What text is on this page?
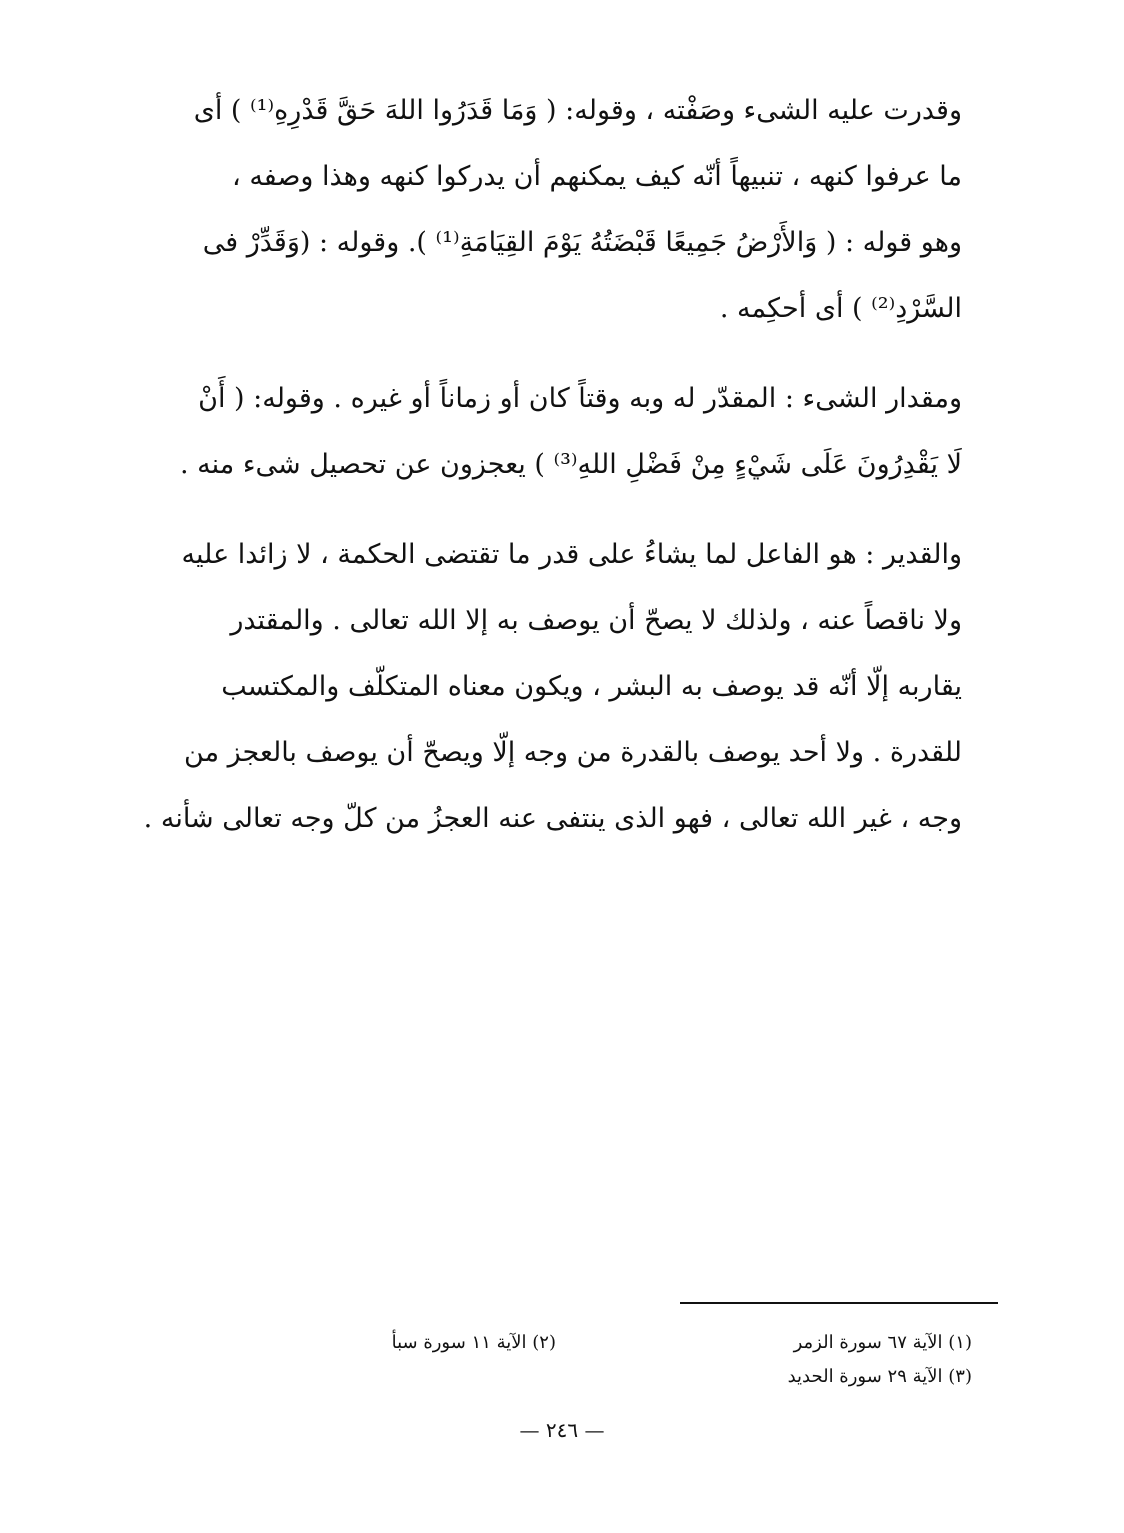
وقدرت عليه الشىء وصَفْته ، وقوله: ( وَمَا قَدَرُوا اللهَ حَقَّ قَدْرِهِ⁽¹⁾ ) أى
ما عرفوا كنهه ، تنبيهاً أنّه كيف يمكنهم أن يدركوا كنهه وهذا وصفه ،
وهو قوله : ( وَالأَرْضُ جَمِيعًا قَبْضَتُهُ يَوْمَ القِيَامَةِ⁽¹⁾ ). وقوله : (وَقَدِّرْ فى
السَّرْدِ⁽²⁾ ) أى أحكِمه .

ومقدار الشىء : المقدّر له وبه وقتاً كان أو زماناً أو غيره . وقوله: ( أَنْ
لَا يَقْدِرُونَ عَلَى شَيْءٍ مِنْ فَضْلِ اللهِ⁽³⁾ ) يعجزون عن تحصيل شىء منه .

والقدير : هو الفاعل لما يشاءُ على قدر ما تقتضى الحكمة ، لا زائدا عليه
ولا ناقصاً عنه ، ولذلك لا يصحّ أن يوصف به إلا الله تعالى . والمقتدر
يقاربه إلّا أنّه قد يوصف به البشر ، ويكون معناه المتكلّف والمكتسب
للقدرة . ولا أحد يوصف بالقدرة من وجه إلّا ويصحّ أن يوصف بالعجز من
وجه ، غير الله تعالى ، فهو الذى ينتفى عنه العجزُ من كلّ وجه تعالى شأنه .

(١) الآية ٦٧ سورة الزمر
(٣) الآية ٢٩ سورة الحديد
(٢) الآية ١١ سورة سبأ
— ٢٤٦ —
